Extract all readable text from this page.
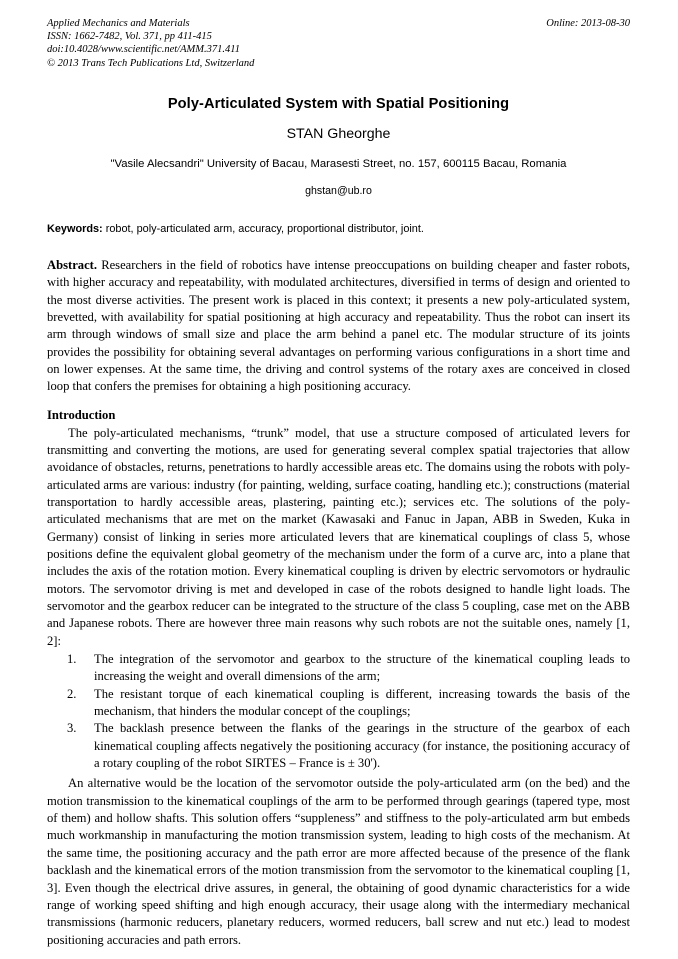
Applied Mechanics and Materials	Online: 2013-08-30
ISSN: 1662-7482, Vol. 371, pp 411-415
doi:10.4028/www.scientific.net/AMM.371.411
© 2013 Trans Tech Publications Ltd, Switzerland
Poly-Articulated System with Spatial Positioning
STAN Gheorghe
"Vasile Alecsandri" University of Bacau, Marasesti Street, no. 157, 600115 Bacau, Romania
ghstan@ub.ro
Keywords: robot, poly-articulated arm, accuracy, proportional distributor, joint.
Abstract. Researchers in the field of robotics have intense preoccupations on building cheaper and faster robots, with higher accuracy and repeatability, with modulated architectures, diversified in terms of design and oriented to the most diverse activities. The present work is placed in this context; it presents a new poly-articulated system, brevetted, with availability for spatial positioning at high accuracy and repeatability. Thus the robot can insert its arm through windows of small size and place the arm behind a panel etc. The modular structure of its joints provides the possibility for obtaining several advantages on performing various configurations in a short time and on lower expenses. At the same time, the driving and control systems of the rotary axes are conceived in closed loop that confers the premises for obtaining a high positioning accuracy.
Introduction
The poly-articulated mechanisms, “trunk” model, that use a structure composed of articulated levers for transmitting and converting the motions, are used for generating several complex spatial trajectories that allow avoidance of obstacles, returns, penetrations to hardly accessible areas etc. The domains using the robots with poly-articulated arms are various: industry (for painting, welding, surface coating, handling etc.); constructions (material transportation to hardly accessible areas, plastering, painting etc.); services etc. The solutions of the poly-articulated mechanisms that are met on the market (Kawasaki and Fanuc in Japan, ABB in Sweden, Kuka in Germany) consist of linking in series more articulated levers that are kinematical couplings of class 5, whose positions define the equivalent global geometry of the mechanism under the form of a curve arc, into a plane that includes the axis of the rotation motion. Every kinematical coupling is driven by electric servomotors or hydraulic motors. The servomotor driving is met and developed in case of the robots designed to handle light loads. The servomotor and the gearbox reducer can be integrated to the structure of the class 5 coupling, case met on the ABB and Japanese robots. There are however three main reasons why such robots are not the suitable ones, namely [1, 2]:
1.	The integration of the servomotor and gearbox to the structure of the kinematical coupling leads to increasing the weight and overall dimensions of the arm;
2.	The resistant torque of each kinematical coupling is different, increasing towards the basis of the mechanism, that hinders the modular concept of the couplings;
3.	The backlash presence between the flanks of the gearings in the structure of the gearbox of each kinematical coupling affects negatively the positioning accuracy (for instance, the positioning accuracy of a rotary coupling of the robot SIRTES – France is ± 30').
An alternative would be the location of the servomotor outside the poly-articulated arm (on the bed) and the motion transmission to the kinematical couplings of the arm to be performed through gearings (tapered type, most of them) and hollow shafts. This solution offers “suppleness” and stiffness to the poly-articulated arm but embeds much workmanship in manufacturing the motion transmission system, leading to high costs of the mechanism. At the same time, the positioning accuracy and the path error are more affected because of the presence of the flank backlash and the kinematical errors of the motion transmission from the servomotor to the kinematical coupling [1, 3]. Even though the electrical drive assures, in general, the obtaining of good dynamic characteristics for a wide range of working speed shifting and high enough accuracy, their usage along with the intermediary mechanical transmissions (harmonic reducers, planetary reducers, wormed reducers, ball screw and nut etc.) lead to modest positioning accuracies and path errors.
